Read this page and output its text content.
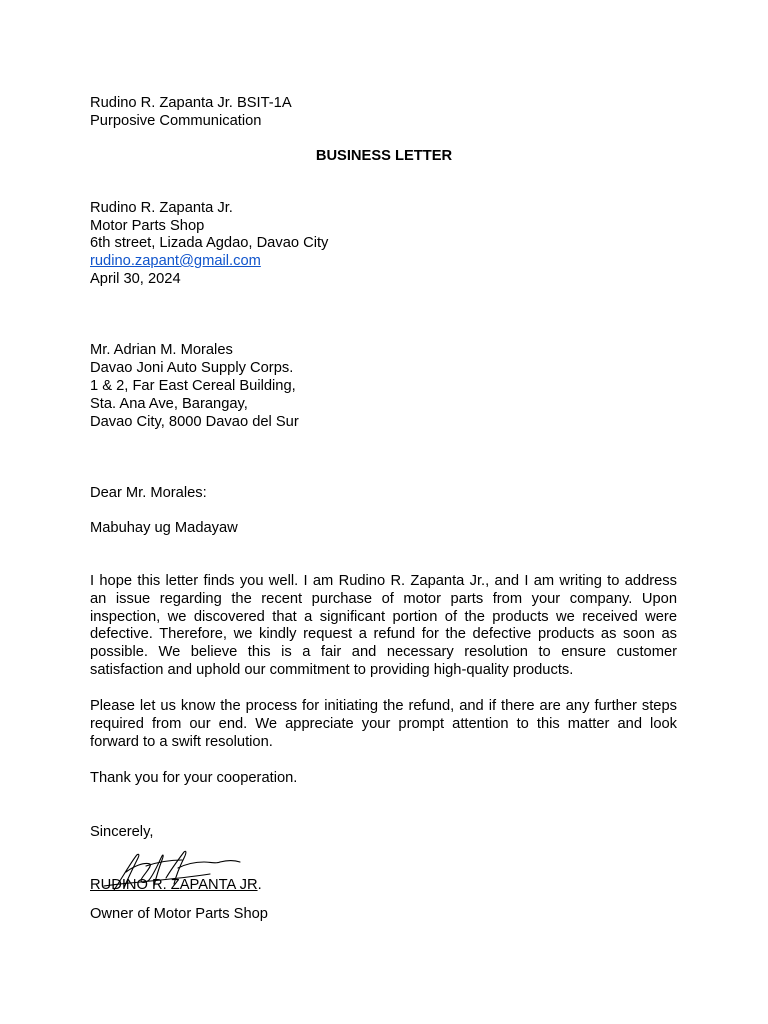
Rudino R. Zapanta Jr. BSIT-1A
Purposive Communication
BUSINESS LETTER
Rudino R. Zapanta Jr.
Motor Parts Shop
6th street, Lizada Agdao, Davao City
rudino.zapant@gmail.com
April 30, 2024
Mr. Adrian M. Morales
Davao Joni Auto Supply Corps.
1 & 2, Far East Cereal Building,
Sta. Ana Ave, Barangay,
Davao City, 8000 Davao del Sur
Dear Mr. Morales:
Mabuhay ug Madayaw
I hope this letter finds you well. I am Rudino R. Zapanta Jr., and I am writing to address
an issue regarding the recent purchase of motor parts from your company. Upon
inspection, we discovered that a significant portion of the products we received were
defective. Therefore, we kindly request a refund for the defective products as soon as
possible. We believe this is a fair and necessary resolution to ensure customer
satisfaction and uphold our commitment to providing high-quality products.
Please let us know the process for initiating the refund, and if there are any further steps
required from our end. We appreciate your prompt attention to this matter and look
forward to a swift resolution.
Thank you for your cooperation.
Sincerely,
RUDINO R. ZAPANTA JR.
Owner of Motor Parts Shop
